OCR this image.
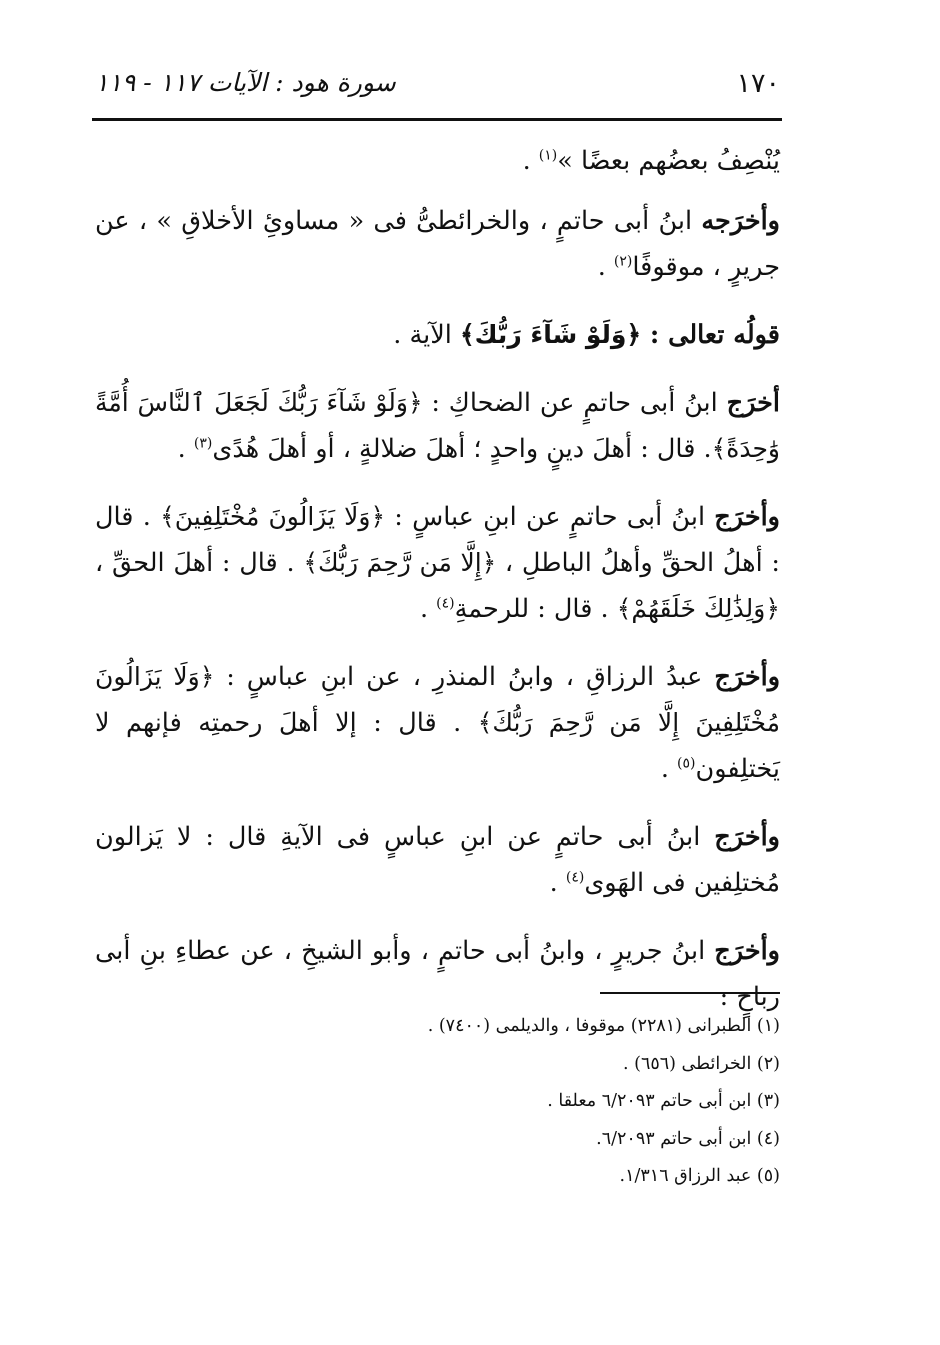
١٧٠
سورة هود : الآيات ١١٧ - ١١٩

يُنْصِفُ بعضُهم بعضًا »$^{(١)}$ .

وأخرَجه ابنُ أبى حاتمٍ ، والخرائطىُّ فى « مساوئِ الأخلاقِ » ، عن جريرٍ ، موقوفًا$^{(٢)}$ .

قولُه تعالى : ﴿وَلَوْ شَآءَ رَبُّكَ﴾ الآية .

أخرَج ابنُ أبى حاتمٍ عن الضحاكِ : ﴿وَلَوْ شَآءَ رَبُّكَ لَجَعَلَ ٱلنَّاسَ أُمَّةً وَٰحِدَةً﴾. قال : أهلَ دينٍ واحدٍ ؛ أهلَ ضلالةٍ ، أو أهلَ هُدًى$^{(٣)}$ .

وأخرَج ابنُ أبى حاتمٍ عن ابنِ عباسٍ : ﴿وَلَا يَزَالُونَ مُخْتَلِفِينَ﴾ . قال : أهلُ الحقِّ وأهلُ الباطلِ ، ﴿إِلَّا مَن رَّحِمَ رَبُّكَ﴾ . قال : أهلَ الحقِّ ، ﴿وَلِذَٰلِكَ خَلَقَهُمْ﴾ . قال : للرحمةِ$^{(٤)}$ .

وأخرَج عبدُ الرزاقِ ، وابنُ المنذرِ ، عن ابنِ عباسٍ : ﴿وَلَا يَزَالُونَ مُخْتَلِفِينَ إِلَّا مَن رَّحِمَ رَبُّكَ﴾ . قال : إلا أهلَ رحمتِه فإنهم لا يَختلِفون$^{(٥)}$ .

وأخرَج ابنُ أبى حاتمٍ عن ابنِ عباسٍ فى الآيةِ قال : لا يَزالون مُختلِفين فى الهَوى$^{(٤)}$ .

وأخرَج ابنُ جريرٍ ، وابنُ أبى حاتمٍ ، وأبو الشيخِ ، عن عطاءِ بنِ أبى رباحٍ :

(١) الطبرانى (٢٢٨١) موقوفا ، والديلمى (٧٤٠٠) .

(٢) الخرائطى (٦٥٦) .

(٣) ابن أبى حاتم ٦/٢٠٩٣ معلقا .

(٤) ابن أبى حاتم ٦/٢٠٩٣.

(٥) عبد الرزاق ١/٣١٦.
